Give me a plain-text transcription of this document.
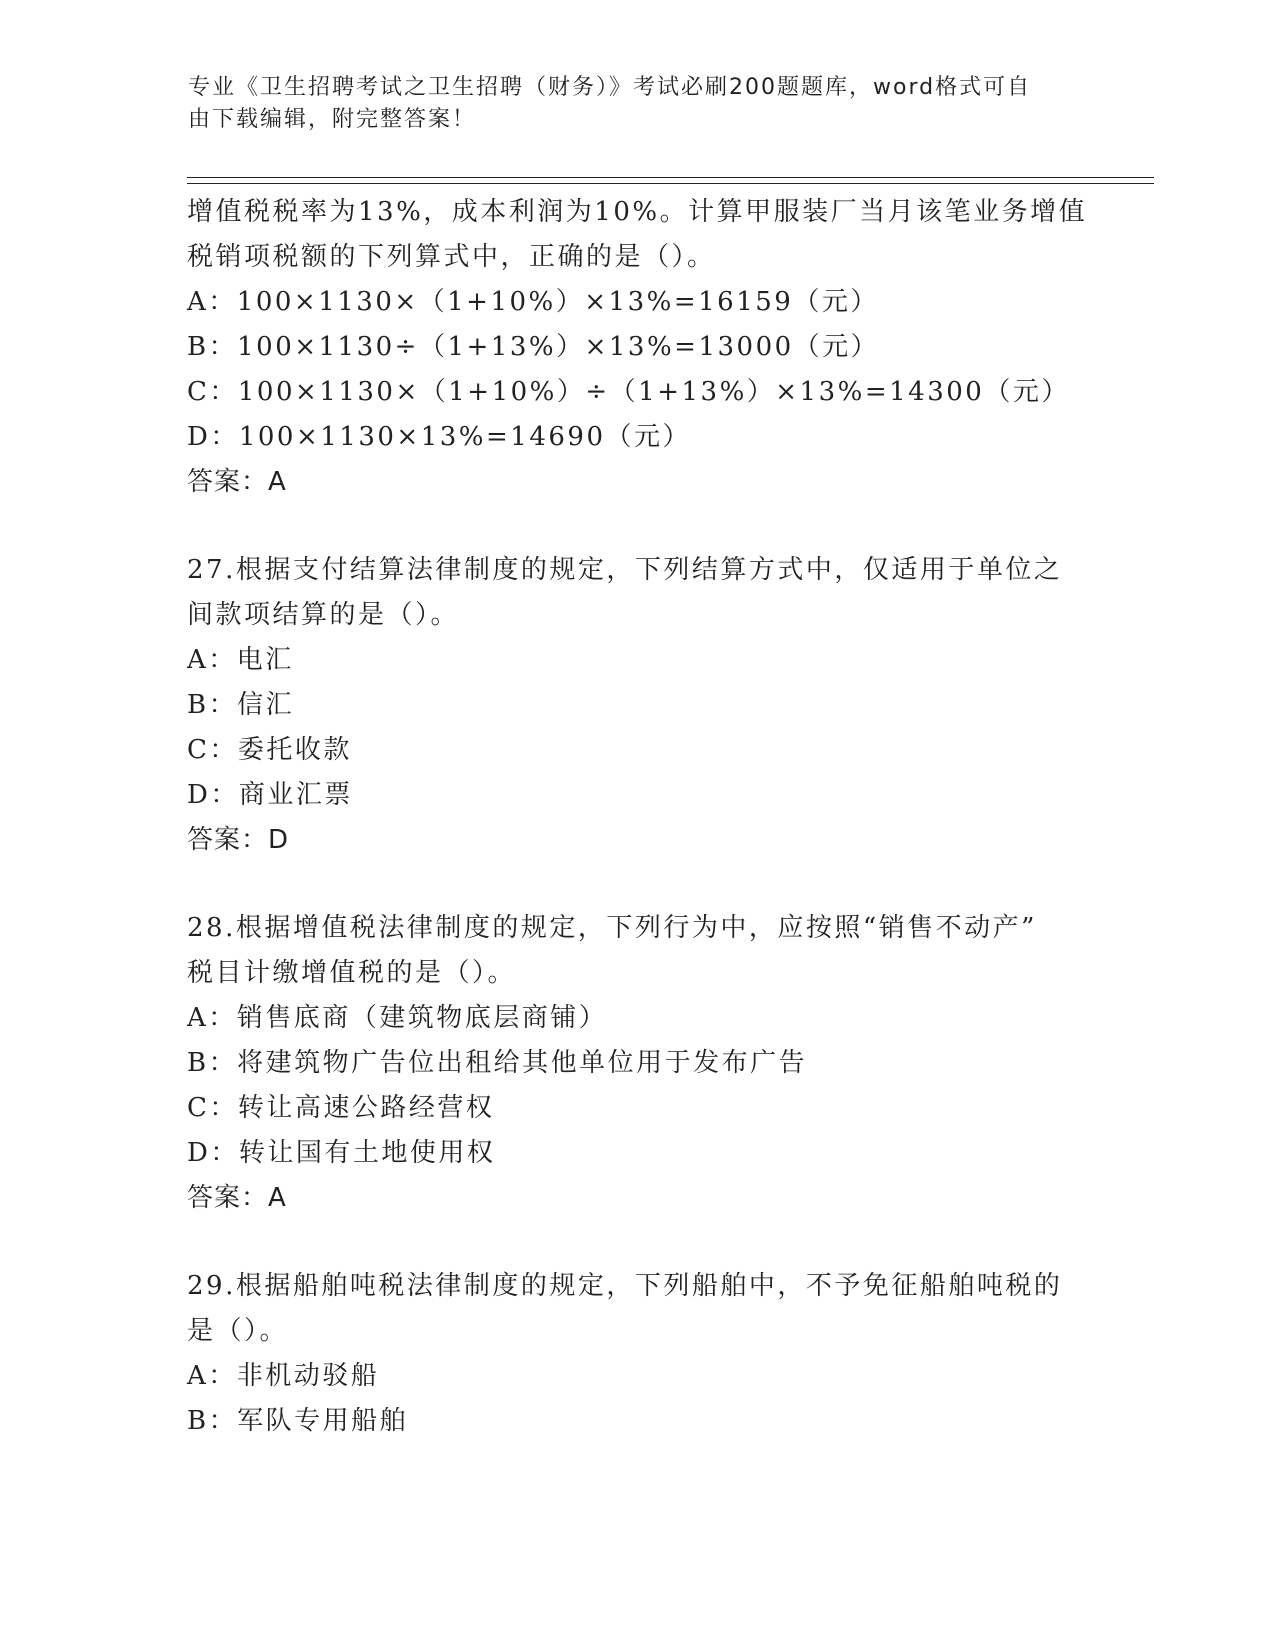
专业《卫生招聘考试之卫生招聘（财务）》考试必刷200题题库，word格式可自
由下载编辑，附完整答案！
增值税税率为13%，成本利润为10%。计算甲服装厂当月该笔业务增值
税销项税额的下列算式中，正确的是（）。
A：100×1130×（1+10%）×13%=16159（元）
B：100×1130÷（1+13%）×13%=13000（元）
C：100×1130×（1+10%）÷（1+13%）×13%=14300（元）
D：100×1130×13%=14690（元）
答案：A
27.根据支付结算法律制度的规定，下列结算方式中，仅适用于单位之
间款项结算的是（）。
A：电汇
B：信汇
C：委托收款
D：商业汇票
答案：D
28.根据增值税法律制度的规定，下列行为中，应按照“销售不动产”
税目计缴增值税的是（）。
A：销售底商（建筑物底层商铺）
B：将建筑物广告位出租给其他单位用于发布广告
C：转让高速公路经营权
D：转让国有土地使用权
答案：A
29.根据船舶吨税法律制度的规定，下列船舶中，不予免征船舶吨税的
是（）。
A：非机动驳船
B：军队专用船舶
